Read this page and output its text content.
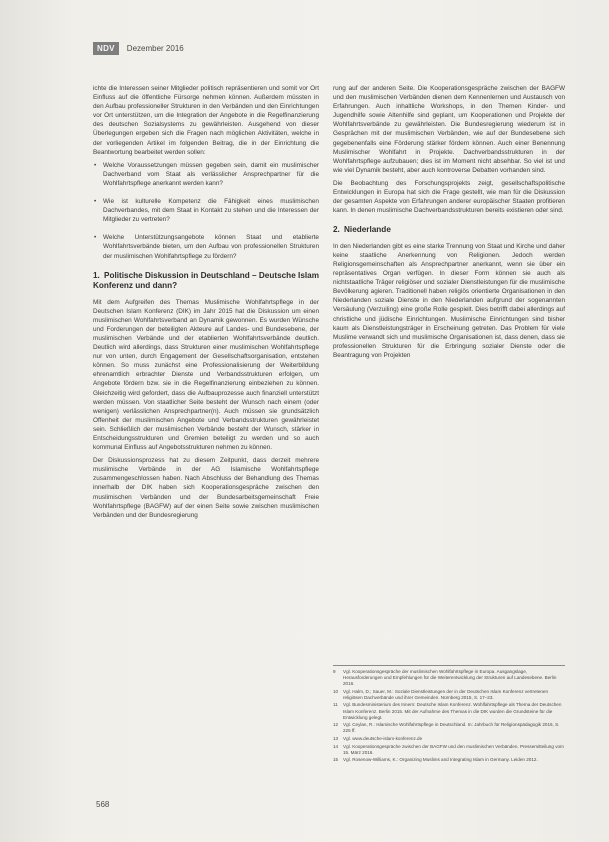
NDV	Dezember 2016

ichte die Interessen seiner Mitglieder politisch repräsentieren und somit vor Ort Einfluss auf die öffentliche Fürsorge nehmen können. Außerdem müssten in den Aufbau professioneller Strukturen in den Verbänden und den Einrichtungen vor Ort unterstützen, um die Integration der Angebote in die Regelfinanzierung des deutschen Sozialsystems zu gewährleisten. Ausgehend von dieser Überlegungen ergeben sich die Fragen nach möglichen Aktivitäten, welche in der vorliegenden Artikel im folgenden Beitrag, die in der Einrichtung die Beantwortung bearbeitet werden sollen:

• Welche Voraussetzungen müssen gegeben sein, damit ein muslimischer Dachverband vom Staat als verlässlicher Ansprechpartner für die Wohlfahrtspflege anerkannt werden kann?
• Wie ist kulturelle Kompetenz die Fähigkeit eines muslimischen Dachverbandes, mit dem Staat in Kontakt zu stehen und die Interessen der Mitglieder zu vertreten?
• Welche Unterstützungsangebote können Staat und etablierte Wohlfahrtsverbände bieten, um den Aufbau von professionellen Strukturen der muslimischen Wohlfahrtspflege zu fördern?
1. Politische Diskussion in Deutschland – Deutsche Islam Konferenz und dann?

Mit dem Aufgreifen des Themas Muslimische Wohlfahrtspflege in der Deutschen Islam Konferenz (DIK) im Jahr 2015 hat die Diskussion um einen muslimischen Wohlfahrtsverband an Dynamik gewonnen. Es wurden Wünsche und Forderungen der beteiligten Akteure auf Landes- und Bundesebene, der muslimischen Verbände und der etablierten Wohlfahrtsverbände deutlich. Deutlich wird allerdings, dass Strukturen einer muslimischen Wohlfahrtspflege nur von unten, durch Engagement der Gesellschaftsorganisation, entstehen können. So muss zunächst eine Professionalisierung der Weiterbildung ehrenamtlich erbrachter Dienste und Verbandsstrukturen erfolgen, um Angebote fördern bzw. sie in die Regelfinanzierung einbeziehen zu können. Gleichzeitig wird gefordert, dass die Aufbauprozesse auch finanziell unterstützt werden müssen. Von staatlicher Seite besteht der Wunsch nach einem (oder wenigen) verlässlichen Ansprechpartner(n). Auch müssen sie grundsätzlich Offenheit der muslimischen Angebote und Verbandsstrukturen gewährleistet sein. Schließlich der muslimischen Verbände besteht der Wunsch, stärker in Entscheidungsstrukturen und Gremien beteiligt zu werden und so auch kommunal Einfluss auf Angebotsstrukturen nehmen zu können.

Der Diskussionsprozess hat zu diesem Zeitpunkt, dass derzeit mehrere muslimische Verbände in der AG Islamische Wohlfahrtspflege zusammengeschlossen haben. Nach Abschluss der Behandlung des Themas innerhalb der DIK haben sich Kooperationsgespräche zwischen den muslimischen Verbänden und der Bundesarbeitsgemeinschaft Freie Wohlfahrtspflege (BAGFW) auf der einen Seite sowie zwischen muslimischen Verbänden und der Bundesregierung

rung auf der anderen Seite. Die Kooperationsgespräche zwischen der BAGFW und den muslimischen Verbänden dienen dem Kennenlernen und Austausch von Erfahrungen. Auch inhaltliche Workshops, in den Themen Kinder- und Jugendhilfe sowie Altenhilfe sind geplant, um Kooperationen und Projekte der Wohlfahrtsverbände zu gewährleisten. Die Bundesregierung wiederum ist in Gesprächen mit der muslimischen Verbänden, wie auf der Bundesebene sich gegebenenfalls eine Förderung stärker fördern können. Auch einer Benennung Muslimischer Wohlfahrt in Projekte. Dachverbandsstrukturen in der Wohlfahrtspflege aufzubauen; dies ist im Moment nicht absehbar. So viel ist und wie viel Dynamik besteht, aber auch kontroverse Debatten vorhanden sind.

Die Beobachtung des Forschungsprojekts zeigt, gesellschaftspolitische Entwicklungen in Europa hat sich die Frage gestellt, wie man für die Diskussion der gesamten Aspekte von Erfahrungen anderer europäischer Staaten profitieren kann. In denen muslimische Dachverbandsstrukturen bereits existieren oder sind.

2. Niederlande

In den Niederlanden gibt es eine starke Trennung von Staat und Kirche und daher keine staatliche Anerkennung von Religionen. Jedoch werden Religionsgemeinschaften als Ansprechpartner anerkannt, wenn sie über ein repräsentatives Organ verfügen. In dieser Form können sie auch als nichtstaatliche Träger religiöser und sozialer Dienstleistungen für die muslimische Bevölkerung agieren. Traditionell haben religiös orientierte Organisationen in den Niederlanden soziale Dienste in den Niederlanden aufgrund der sogenannten Versäulung (Verzuiling) eine große Rolle gespielt. Dies betrifft dabei allerdings auf christliche und jüdische Einrichtungen. Muslimische Einrichtungen sind bisher kaum als Dienstleistungsträger in Erscheinung getreten. Das Problem für viele Muslime verwandt sich und muslimische Organisationen ist, dass denen, dass sie professionellen Strukturen für die Erbringung sozialer Dienste oder die Beantragung von Projekten

9	Vgl. Kooperationsgespräche der muslimischen Wohlfahrtspflege in Europa. Ausgangslage, Herausforderungen und Empfehlungen für die Weiterentwicklung der Strukturen auf Landesebene. Berlin 2016.
10	Vgl. Halm, D.; Sauer, M.: Soziale Dienstleistungen der in der Deutschen Islam Konferenz vertretenen religiösen Dachverbände und ihrer Gemeinden. Nürnberg 2015, S. 17–23.
11	Vgl. Bundesministerium des Innern: Deutsche Islam Konferenz. Wohlfahrtspflege als Thema der Deutschen Islam Konferenz. Berlin 2015. Mit der Aufnahme des Themas in die DIK wurden die Grundsteine für die Entwicklung gelegt.
12	Vgl. Ceylan, R.: Islamische Wohlfahrtspflege in Deutschland. In: Jahrbuch für Religionspädagogik 2016, S. 225 ff.
13	Vgl. www.deutsche-islam-konferenz.de
14	Vgl. Kooperationsgespräche zwischen der BAGFW und den muslimischen Verbänden. Pressemitteilung vom 15. März 2016.
15	Vgl. Rosenow-Williams, K.: Organizing Muslims and Integrating Islam in Germany. Leiden 2012.
568
